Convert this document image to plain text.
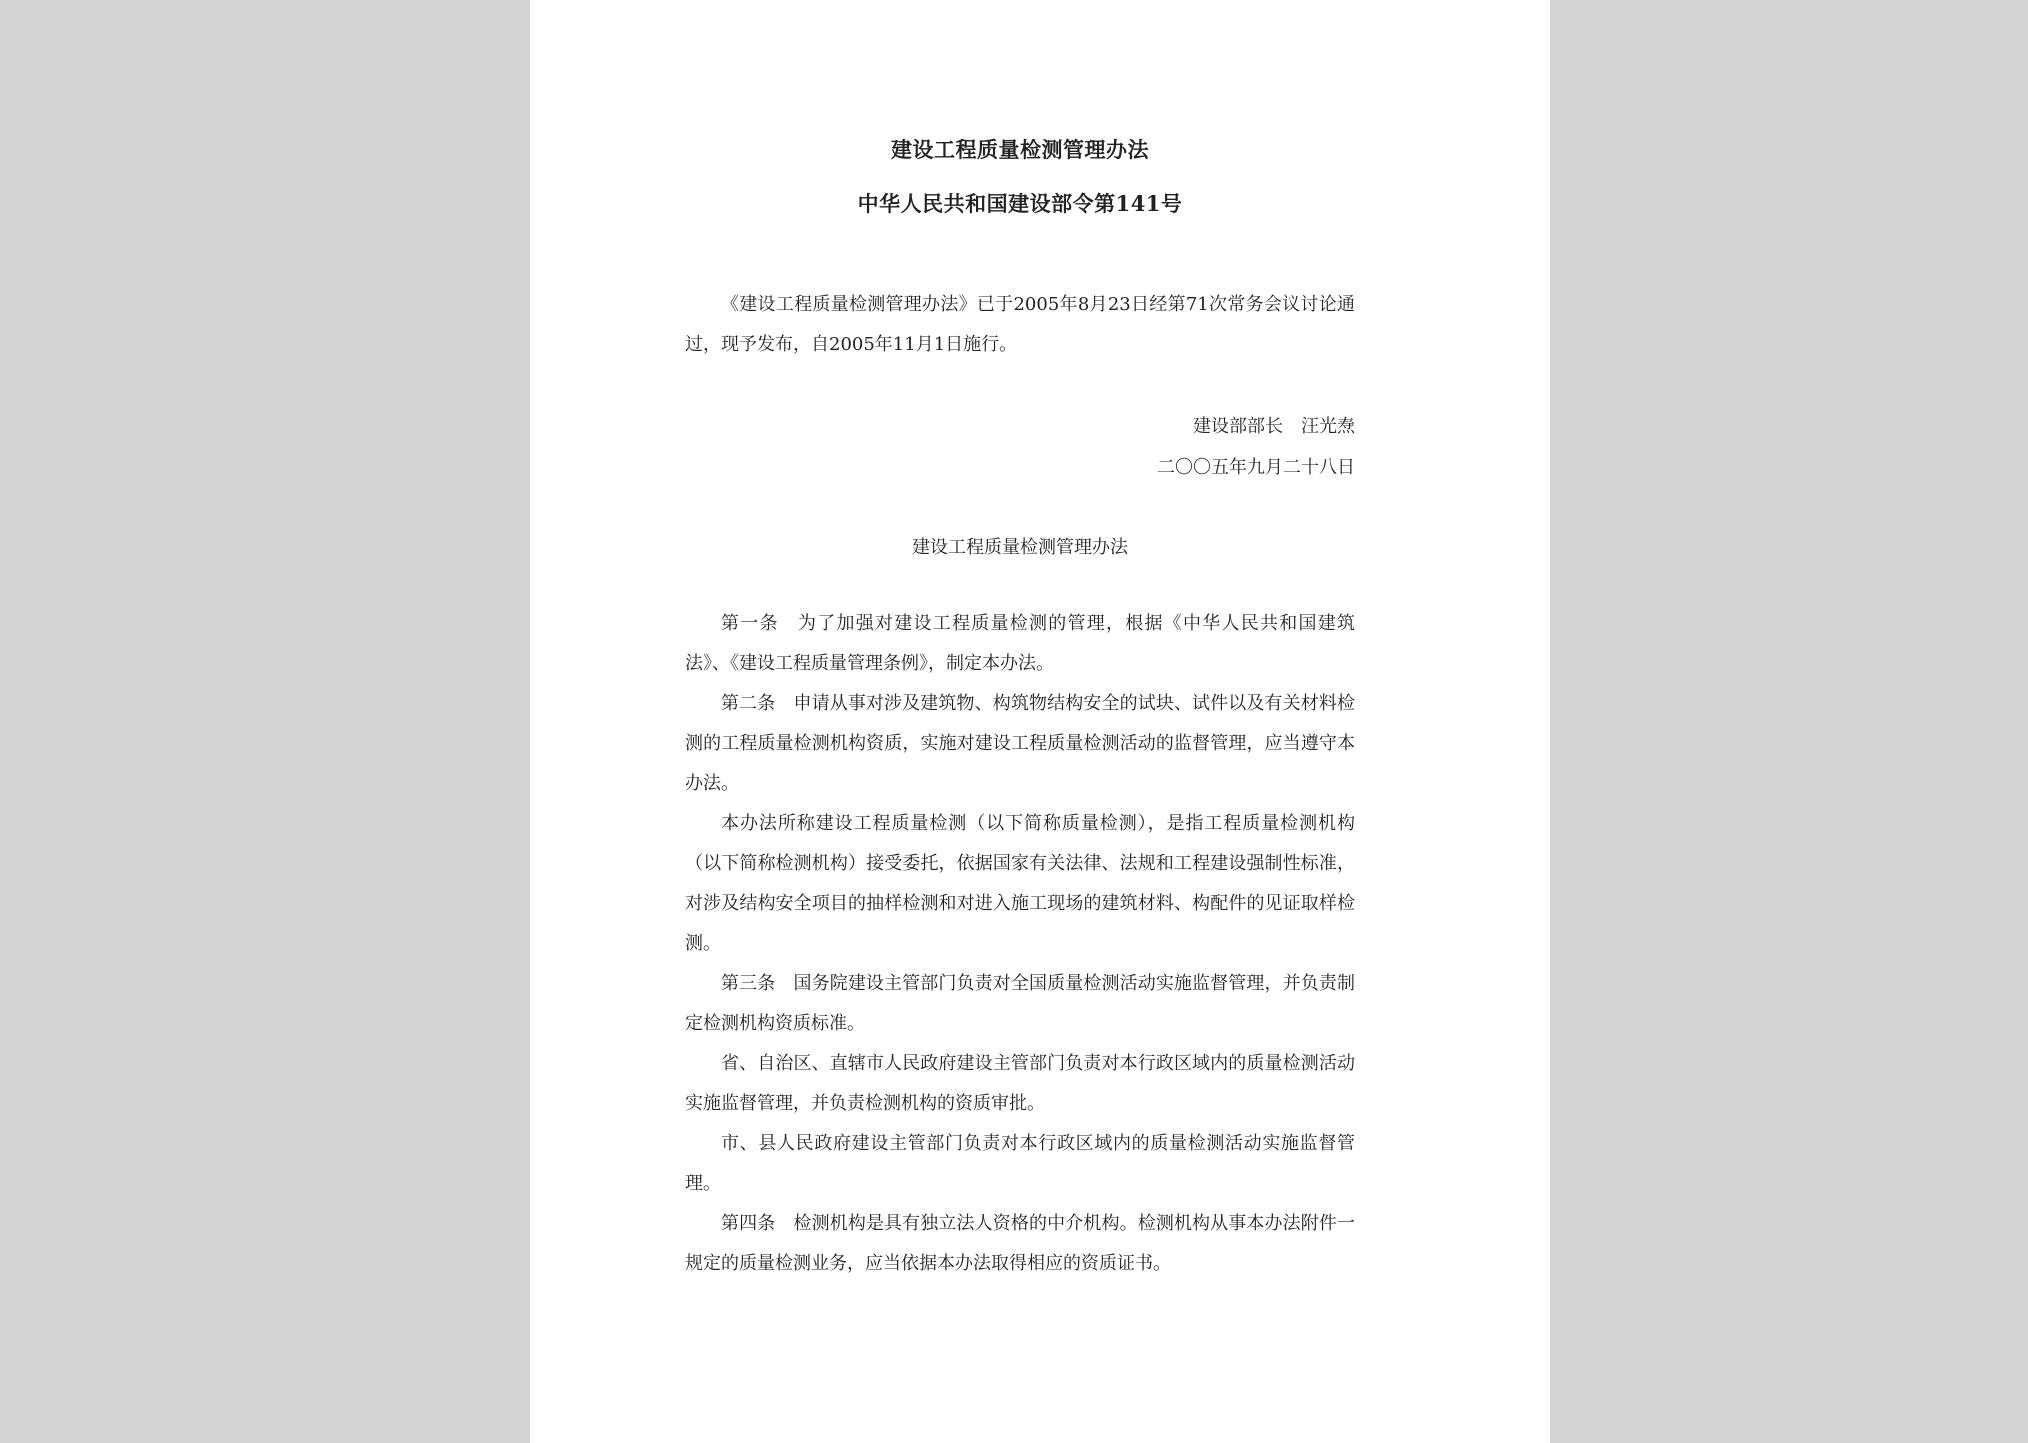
建设工程质量检测管理办法
中华人民共和国建设部令第141号

《建设工程质量检测管理办法》已于2005年8月23日经第71次常务会议讨论通过，现予发布，自2005年11月1日施行。

建设部部长　汪光焘
二〇〇五年九月二十八日
建设工程质量检测管理办法

第一条　为了加强对建设工程质量检测的管理，根据《中华人民共和国建筑法》、《建设工程质量管理条例》，制定本办法。

第二条　申请从事对涉及建筑物、构筑物结构安全的试块、试件以及有关材料检测的工程质量检测机构资质，实施对建设工程质量检测活动的监督管理，应当遵守本办法。

本办法所称建设工程质量检测（以下简称质量检测），是指工程质量检测机构（以下简称检测机构）接受委托，依据国家有关法律、法规和工程建设强制性标准，对涉及结构安全项目的抽样检测和对进入施工现场的建筑材料、构配件的见证取样检测。

第三条　国务院建设主管部门负责对全国质量检测活动实施监督管理，并负责制定检测机构资质标准。

省、自治区、直辖市人民政府建设主管部门负责对本行政区域内的质量检测活动实施监督管理，并负责检测机构的资质审批。

市、县人民政府建设主管部门负责对本行政区域内的质量检测活动实施监督管理。

第四条　检测机构是具有独立法人资格的中介机构。检测机构从事本办法附件一规定的质量检测业务，应当依据本办法取得相应的资质证书。
